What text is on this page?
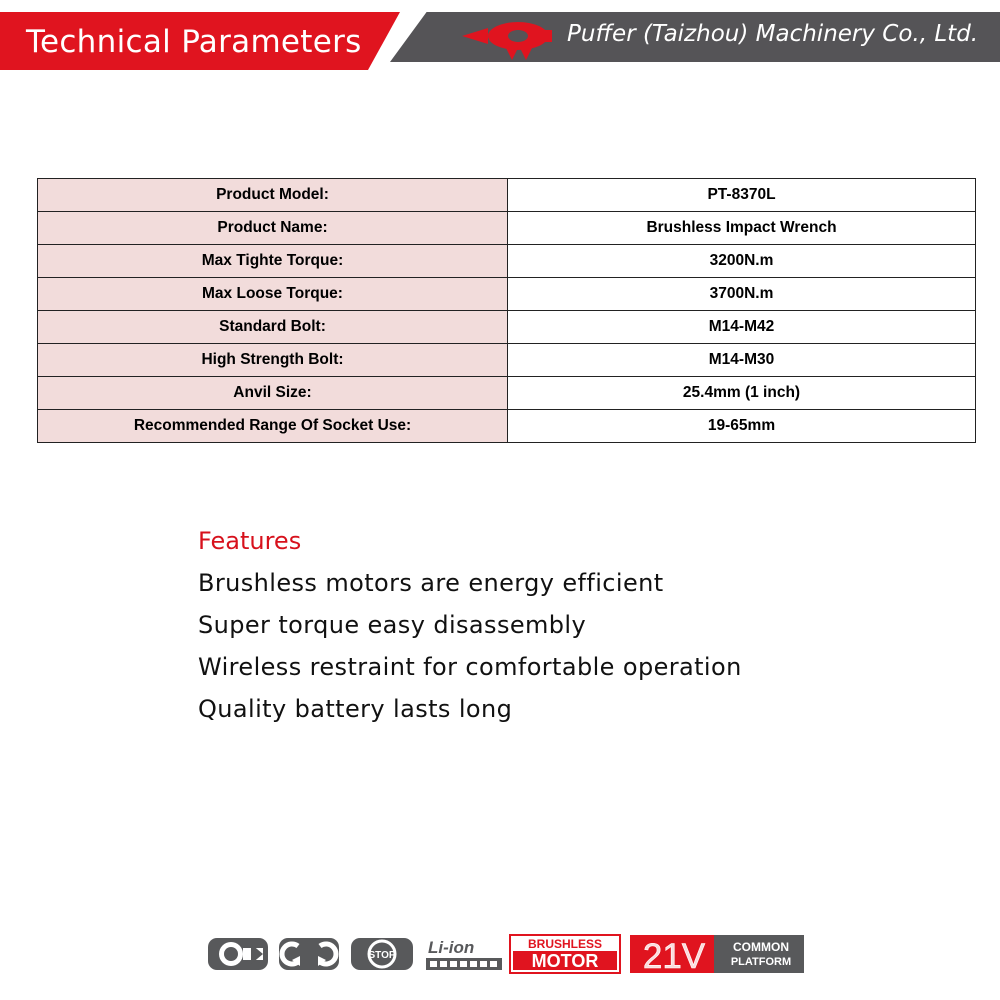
Technical Parameters	Puffer (Taizhou) Machinery Co., Ltd.
Product Model:	PT-8370L
Product Name:	Brushless Impact Wrench
Max Tighte Torque:	3200N.m
Max Loose Torque:	3700N.m
Standard Bolt:	M14-M42
High Strength Bolt:	M14-M30
Anvil Size:	25.4mm (1 inch)
Recommended Range Of Socket Use:	19-65mm
Features
Brushless motors are energy efficient
Super torque easy disassembly
Wireless restraint for comfortable operation
Quality battery lasts long
STOP Li-ion	BRUSHLESS
MOTOR 21V COMMON
PLATFORM
